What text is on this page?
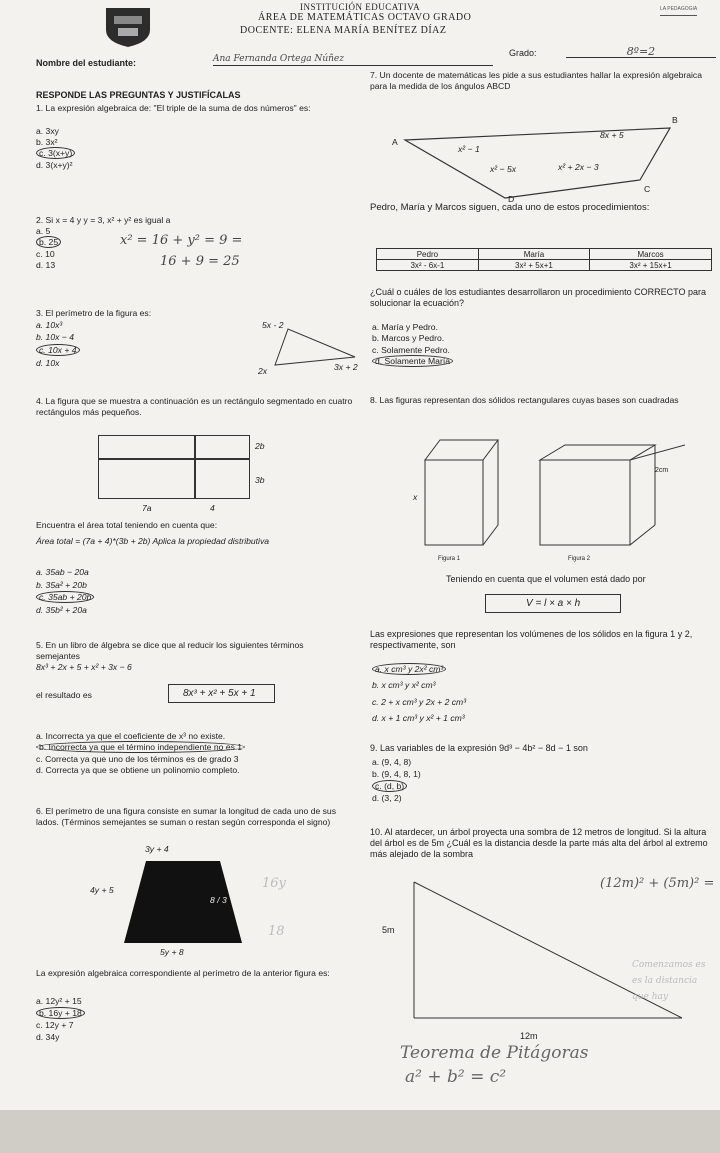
INSTITUCIÓN EDUCATIVA	LA PEDAGOGIA
ÁREA DE MATEMÁTICAS OCTAVO GRADO
DOCENTE: ELENA MARÍA BENÍTEZ DÍAZ
Nombre del estudiante:	Ana Fernanda Ortega Núñez
Grado:	8º=2
RESPONDE LAS PREGUNTAS Y JUSTIFÍCALAS
1. La expresión algebraica de: "El triple de la suma de dos números" es:
a. 3xy
b. 3x²
c. 3(x+y)
d. 3(x+y)²
2. Si x = 4 y y = 3, x² + y² es igual a
a. 5
b. 25
c. 10
d. 13
x² = 16 + y² = 9 =
16 + 9 = 25
3. El perímetro de la figura es:
a. 10x³
b. 10x − 4
c. 10x + 4
d. 10x
5x - 2
3x + 2
2x
4. La figura que se muestra a continuación es un rectángulo segmentado en cuatro rectángulos más pequeños.
2b
3b
7a	4
Encuentra el área total teniendo en cuenta que:
Área total = (7a + 4)*(3b + 2b) Aplica la propiedad distributiva
a. 35ab − 20a
b. 35a² + 20b
c. 35ab + 20b
d. 35b² + 20a
5. En un libro de álgebra se dice que al reducir los siguientes términos semejantes
8x³ + 2x + 5 + x² + 3x − 6
el resultado es	8x³ + x² + 5x + 1
a. Incorrecta ya que el coeficiente de x³ no existe.
b. Incorrecta ya que el término independiente no es 1
c. Correcta ya que uno de los términos es de grado 3
d. Correcta ya que se obtiene un polinomio completo.
6. El perímetro de una figura consiste en sumar la longitud de cada uno de sus lados. (Términos semejantes se suman o restan según corresponda el signo)
3y + 4
4y + 5
8 / 3
5y + 8
16y
18
La expresión algebraica correspondiente al perímetro de la anterior figura es:
a. 12y² + 15
b. 16y + 18
c. 12y + 7
d. 34y
7. Un docente de matemáticas les pide a sus estudiantes hallar la expresión algebraica para la medida de los ángulos ABCD
A
B
C
D
x² − 1
8x + 5
x² − 5x	x² + 2x − 3
Pedro, María y Marcos siguen, cada uno de estos procedimientos:
Pedro	María	Marcos
3x² - 6x-1	3x² + 5x+1	3x² + 15x+1
¿Cuál o cuáles de los estudiantes desarrollaron un procedimiento CORRECTO para solucionar la ecuación?
a. María y Pedro.
b. Marcos y Pedro.
c. Solamente Pedro.
d. Solamente María
8. Las figuras representan dos sólidos rectangulares cuyas bases son cuadradas
x
2cm
Figura 1	Figura 2
Teniendo en cuenta que el volumen está dado por
V = l × a × h
Las expresiones que representan los volúmenes de los sólidos en la figura 1 y 2, respectivamente, son
a. x cm³ y 2x² cm³
b. x cm³ y x² cm³
c. 2 + x cm³ y 2x + 2 cm³
d. x + 1 cm³ y x² + 1 cm³
9. Las variables de la expresión 9d³ − 4b² − 8d − 1 son
a. (9, 4, 8)
b. (9, 4, 8, 1)
c. (d, b)
d. (3, 2)
10. Al atardecer, un árbol proyecta una sombra de 12 metros de longitud. Si la altura del árbol es de 5m ¿Cuál es la distancia desde la parte más alta del árbol al extremo más alejado de la sombra
5m
12m
(12m)² + (5m)² =
Comenzamos es
es la distancia
que hay
Teorema de Pitágoras
a² + b² = c²
